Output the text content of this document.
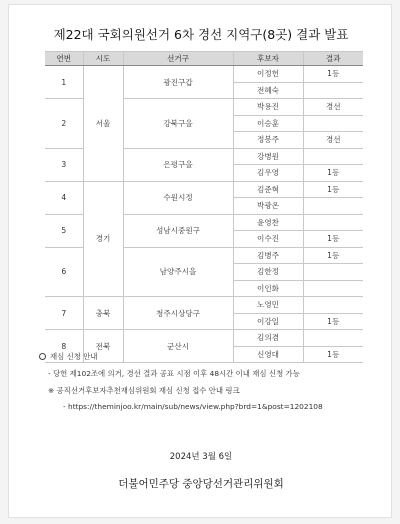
제22대 국회의원선거 6차 경선 지역구(8곳) 결과 발표
연번	시도	선거구	후보자	결과
1	서울	광진구갑	이정헌	1등
			전혜숙	
2		강북구을	박용진	경선
			이승훈	
			정봉주	경선
3		은평구을	강병원	
			김우영	1등
4	경기	수원시정	김준혁	1등
			박광온	
5		성남시중원구	윤영찬	
			이수진	1등
6		남양주시을	김병주	1등
			김한정	
			이인화	
7	충북	청주시상당구	노영민	
			이강일	1등
8	전북	군산시	김의겸	
			신영대	1등
재심 신청 안내
- 당헌 제102조에 의거, 경선 결과 공표 시점 이후 48시간 이내 재심 신청 가능
※ 공직선거후보자추천재심위원회 재심 신청 접수 안내 링크
- https://theminjoo.kr/main/sub/news/view.php?brd=1&post=1202108
2024년 3월 6일
더불어민주당 중앙당선거관리위원회
